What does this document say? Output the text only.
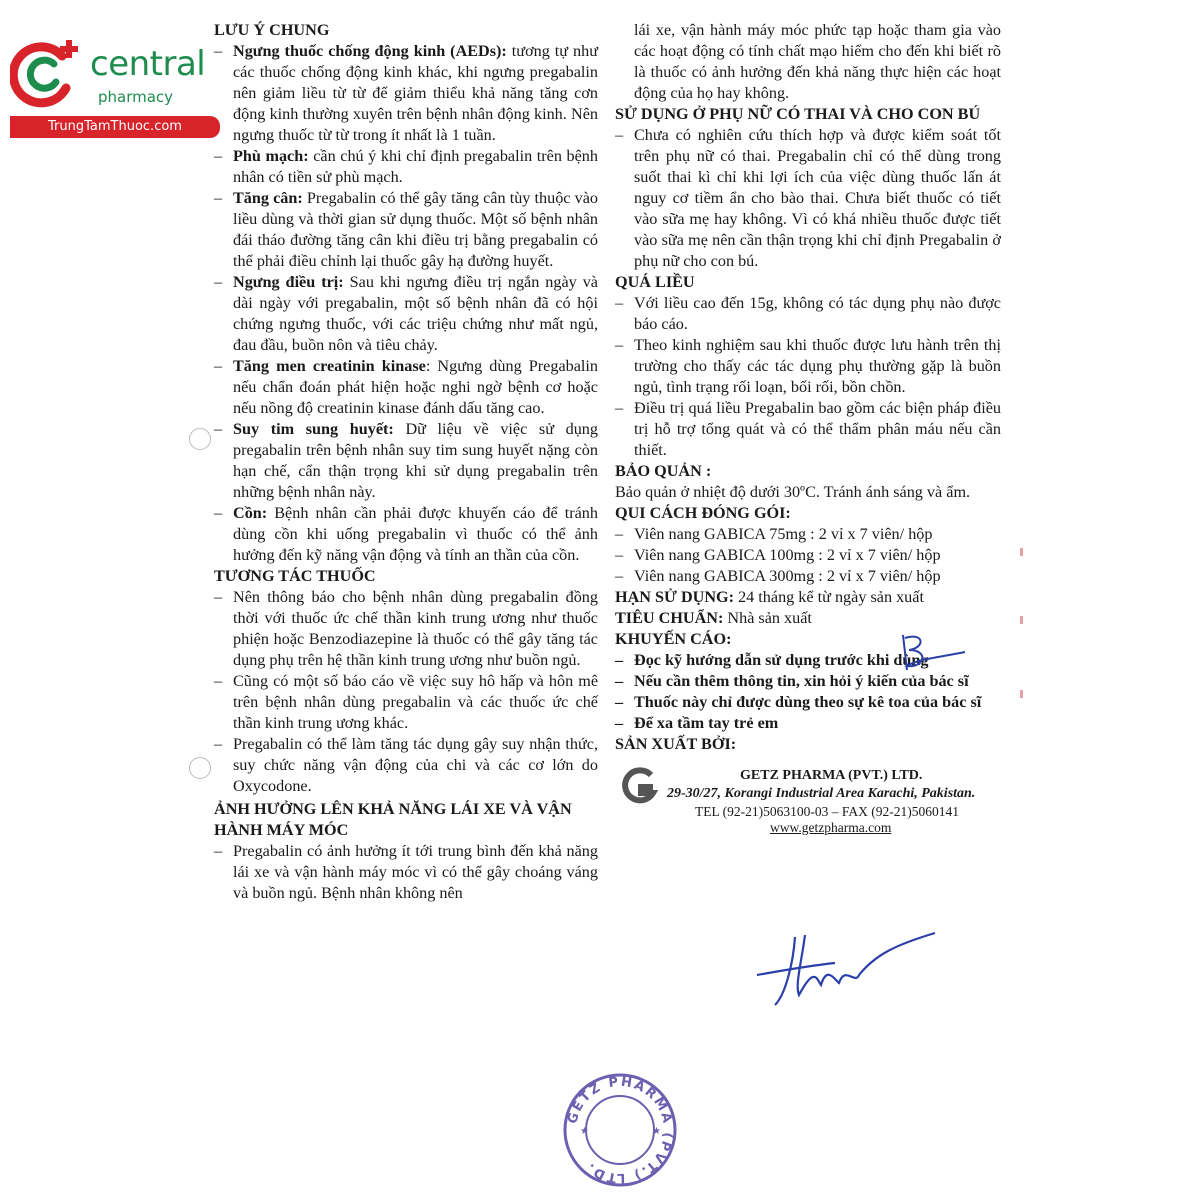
central
pharmacy
TrungTamThuoc.com
LƯU Ý CHUNG
– Ngưng thuốc chống động kinh (AEDs): tương tự như các thuốc chống động kinh khác, khi ngưng pregabalin nên giảm liều từ từ để giảm thiểu khả năng tăng cơn động kinh thường xuyên trên bệnh nhân động kinh. Nên ngưng thuốc từ từ trong ít nhất là 1 tuần.
– Phù mạch: cần chú ý khi chỉ định pregabalin trên bệnh nhân có tiền sử phù mạch.
– Tăng cân: Pregabalin có thể gây tăng cân tùy thuộc vào liều dùng và thời gian sử dụng thuốc. Một số bệnh nhân đái tháo đường tăng cân khi điều trị bằng pregabalin có thể phải điều chỉnh lại thuốc gây hạ đường huyết.
– Ngưng điều trị: Sau khi ngưng điều trị ngắn ngày và dài ngày với pregabalin, một số bệnh nhân đã có hội chứng ngưng thuốc, với các triệu chứng như mất ngủ, đau đầu, buồn nôn và tiêu chảy.
– Tăng men creatinin kinase: Ngưng dùng Pregabalin nếu chẩn đoán phát hiện hoặc nghi ngờ bệnh cơ hoặc nếu nồng độ creatinin kinase đánh dấu tăng cao.
– Suy tim sung huyết: Dữ liệu về việc sử dụng pregabalin trên bệnh nhân suy tim sung huyết nặng còn hạn chế, cẩn thận trọng khi sử dụng pregabalin trên những bệnh nhân này.
– Cồn: Bệnh nhân cần phải được khuyến cáo để tránh dùng cồn khi uống pregabalin vì thuốc có thể ảnh hưởng đến kỹ năng vận động và tính an thần của cồn.
TƯƠNG TÁC THUỐC
– Nên thông báo cho bệnh nhân dùng pregabalin đồng thời với thuốc ức chế thần kinh trung ương như thuốc phiện hoặc Benzodiazepine là thuốc có thể gây tăng tác dụng phụ trên hệ thần kinh trung ương như buồn ngủ.
– Cũng có một số báo cáo về việc suy hô hấp và hôn mê trên bệnh nhân dùng pregabalin và các thuốc ức chế thần kinh trung ương khác.
– Pregabalin có thể làm tăng tác dụng gây suy nhận thức, suy chức năng vận động của chi và các cơ lớn do Oxycodone.
ẢNH HƯỞNG LÊN KHẢ NĂNG LÁI XE VÀ VẬN HÀNH MÁY MÓC
– Pregabalin có ảnh hưởng ít tới trung bình đến khả năng lái xe và vận hành máy móc vì có thể gây choáng váng và buồn ngủ. Bệnh nhân không nên

lái xe, vận hành máy móc phức tạp hoặc tham gia vào các hoạt động có tính chất mạo hiểm cho đến khi biết rõ là thuốc có ảnh hưởng đến khả năng thực hiện các hoạt động của họ hay không.

SỬ DỤNG Ở PHỤ NỮ CÓ THAI VÀ CHO CON BÚ
– Chưa có nghiên cứu thích hợp và được kiểm soát tốt trên phụ nữ có thai. Pregabalin chỉ có thể dùng trong suốt thai kì chỉ khi lợi ích của việc dùng thuốc lấn át nguy cơ tiềm ẩn cho bào thai. Chưa biết thuốc có tiết vào sữa mẹ hay không. Vì có khá nhiều thuốc được tiết vào sữa mẹ nên cần thận trọng khi chỉ định Pregabalin ở phụ nữ cho con bú.
QUÁ LIỀU
– Với liều cao đến 15g, không có tác dụng phụ nào được báo cáo.
– Theo kinh nghiệm sau khi thuốc được lưu hành trên thị trường cho thấy các tác dụng phụ thường gặp là buồn ngủ, tình trạng rối loạn, bối rối, bồn chồn.
– Điều trị quá liều Pregabalin bao gồm các biện pháp điều trị hỗ trợ tổng quát và có thể thẩm phân máu nếu cần thiết.
BẢO QUẢN :

Bảo quản ở nhiệt độ dưới 30ºC. Tránh ánh sáng và ẩm.

QUI CÁCH ĐÓNG GÓI:
– Viên nang GABICA 75mg : 2 vỉ x 7 viên/ hộp
– Viên nang GABICA 100mg : 2 vỉ x 7 viên/ hộp
– Viên nang GABICA 300mg : 2 vỉ x 7 viên/ hộp

HẠN SỬ DỤNG: 24 tháng kể từ ngày sản xuất

TIÊU CHUẨN: Nhà sản xuất

KHUYẾN CÁO:
– Đọc kỹ hướng dẫn sử dụng trước khi dùng
– Nếu cần thêm thông tin, xin hỏi ý kiến của bác sĩ
– Thuốc này chỉ được dùng theo sự kê toa của bác sĩ
– Để xa tầm tay trẻ em
SẢN XUẤT BỞI:
GETZ PHARMA (PVT.) LTD.
29-30/27, Korangi Industrial Area Karachi, Pakistan.
TEL (92-21)5063100-03 – FAX (92-21)5060141
www.getzpharma.com
GETZ PHARMA (PVT.) LTD.
★	★
